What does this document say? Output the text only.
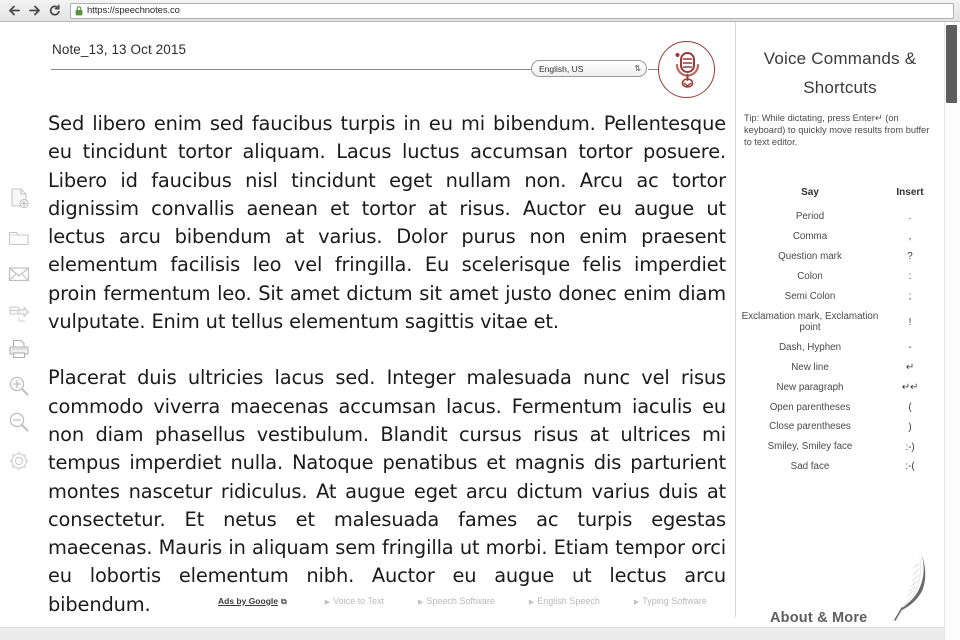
https://speechnotes.co
Note_13, 13 Oct 2015
English, US	⇅

Sed libero enim sed faucibus turpis in eu mi bibendum. Pellentesque eu tincidunt tortor aliquam. Lacus luctus accumsan tortor posuere. Libero id faucibus nisl tincidunt eget nullam non. Arcu ac tortor dignissim convallis aenean et tortor at risus. Auctor eu augue ut lectus arcu bibendum at varius. Dolor purus non enim praesent elementum facilisis leo vel fringilla. Eu scelerisque felis imperdiet proin fermentum leo. Sit amet dictum sit amet justo donec enim diam vulputate. Enim ut tellus elementum sagittis vitae et.

Placerat duis ultricies lacus sed. Integer malesuada nunc vel risus commodo viverra maecenas accumsan lacus. Fermentum iaculis eu non diam phasellus vestibulum. Blandit cursus risus at ultrices mi tempus imperdiet nulla. Natoque penatibus et magnis dis parturient montes nascetur ridiculus. At augue eget arcu dictum varius duis at consectetur. Et netus et malesuada fames ac turpis egestas maecenas. Mauris in aliquam sem fringilla ut morbi. Etiam tempor orci eu lobortis elementum nibh. Auctor eu augue ut lectus arcu bibendum.	Ads by Google ⧉	▶ Voice to Text	▶ Speech Software	▶ English Speech	▶ Typing Software
Voice Commands &
Shortcuts
Tip: While dictating, press Enter↵ (on keyboard) to quickly move results from buffer to text editor.
Say	Insert
Period	.
Comma	,
Question mark	?
Colon	:
Semi Colon	;
Exclamation mark, Exclamation point	!
Dash, Hyphen	-
New line	↵
New paragraph	↵↵
Open parentheses	(
Close parentheses	)
Smiley, Smiley face	:-)
Sad face	:-(
About & More
